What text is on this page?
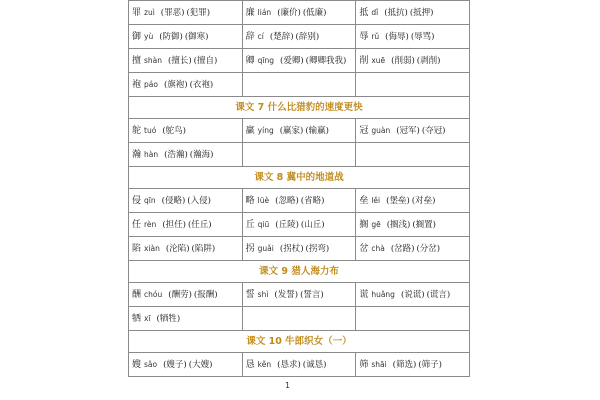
罪 zuì (罪恶) (犯罪)	廉 lián (廉价) (低廉)	抵 dǐ (抵抗) (抵押)
御 yù (防御) (御寒)	辞 cí (楚辞) (辞别)	辱 rǔ (侮辱) (辱骂)
擅 shàn (擅长) (擅自)	卿 qīng (爱卿) (卿卿我我)	削 xuē (削弱) (剥削)
袍 páo (旗袍) (衣袍)		
课文 7 什么比猎豹的速度更快		
鸵 tuó (鸵鸟)	赢 yíng (赢家) (输赢)	冠 guàn (冠军) (夺冠)
瀚 hàn (浩瀚) (瀚海)		
课文 8 冀中的地道战		
侵 qīn (侵略) (入侵)	略 lüè (忽略) (省略)	垒 lěi (堡垒) (对垒)
任 rèn (担任) (任丘)	丘 qiū (丘陵) (山丘)	搁 gē (搁浅) (搁置)
陷 xiàn (沦陷) (陷阱)	拐 guǎi (拐杖) (拐弯)	岔 chà (岔路) (分岔)
课文 9 猎人海力布		
酬 chóu (酬劳) (报酬)	誓 shì (发誓) (誓言)	谎 huǎng (说谎) (谎言)
牺 xī (牺牲)		
课文 10 牛郎织女（一）		
嫂 sǎo (嫂子) (大嫂)	恳 kěn (恳求) (诚恳)	筛 shāi (筛选) (筛子)
1
